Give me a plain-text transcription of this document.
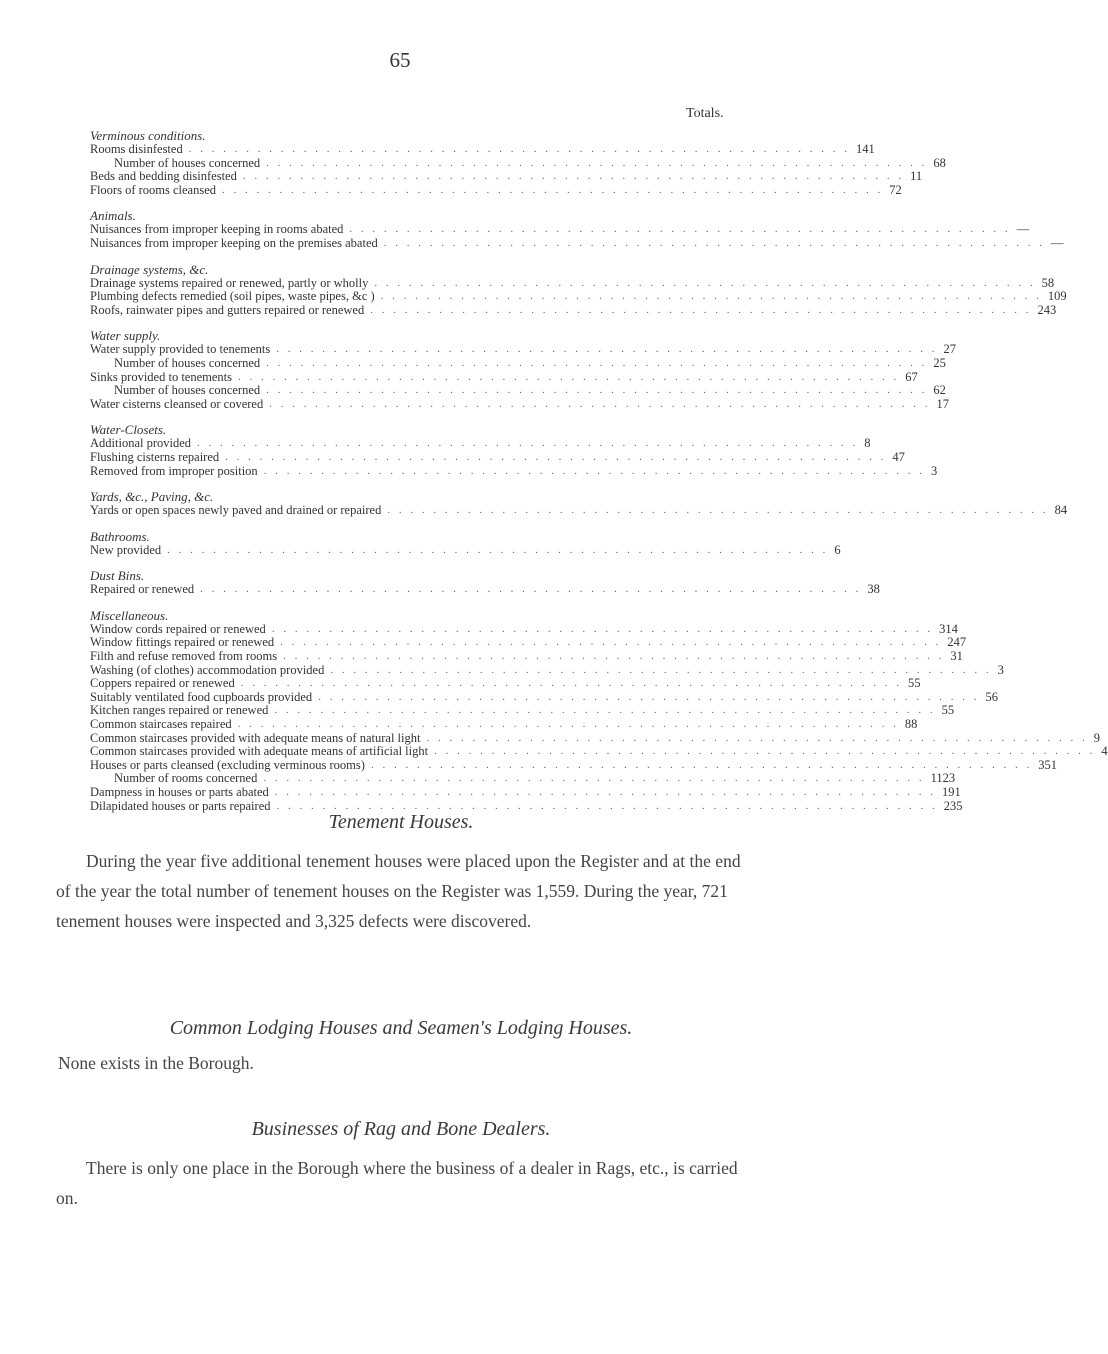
65
Totals.
Verminous conditions.
Rooms disinfested . . . . . . . . . . . . . . . . . . . . . . . . . . . . . . . . . . . . . . . . . . . . . . . . . . . . . . . . . . 141
Number of houses concerned . . . . . . . . . . . . . . . . . . . . . . . . . . . . . . . . . . . . . . . . . . . . . . . . . . . . . . . . . . 68
Beds and bedding disinfested . . . . . . . . . . . . . . . . . . . . . . . . . . . . . . . . . . . . . . . . . . . . . . . . . . . . . . . . . . 11
Floors of rooms cleansed . . . . . . . . . . . . . . . . . . . . . . . . . . . . . . . . . . . . . . . . . . . . . . . . . . . . . . . . . . 72
Animals.
Nuisances from improper keeping in rooms abated . . . . . . . . . . . . . . . . . . . . . . . . . . . . . . . . . . . . . . . . . . . . . . . . . . . . . . . . . . —
Nuisances from improper keeping on the premises abated . . . . . . . . . . . . . . . . . . . . . . . . . . . . . . . . . . . . . . . . . . . . . . . . . . . . . . . . . . —
Drainage systems, &c.
Drainage systems repaired or renewed, partly or wholly . . . . . . . . . . . . . . . . . . . . . . . . . . . . . . . . . . . . . . . . . . . . . . . . . . . . . . . . . . 58
Plumbing defects remedied (soil pipes, waste pipes, &c ) . . . . . . . . . . . . . . . . . . . . . . . . . . . . . . . . . . . . . . . . . . . . . . . . . . . . . . . . . . 109
Roofs, rainwater pipes and gutters repaired or renewed . . . . . . . . . . . . . . . . . . . . . . . . . . . . . . . . . . . . . . . . . . . . . . . . . . . . . . . . . . 243
Water supply.
Water supply provided to tenements . . . . . . . . . . . . . . . . . . . . . . . . . . . . . . . . . . . . . . . . . . . . . . . . . . . . . . . . . . 27
Number of houses concerned . . . . . . . . . . . . . . . . . . . . . . . . . . . . . . . . . . . . . . . . . . . . . . . . . . . . . . . . . . 25
Sinks provided to tenements . . . . . . . . . . . . . . . . . . . . . . . . . . . . . . . . . . . . . . . . . . . . . . . . . . . . . . . . . . 67
Number of houses concerned . . . . . . . . . . . . . . . . . . . . . . . . . . . . . . . . . . . . . . . . . . . . . . . . . . . . . . . . . . 62
Water cisterns cleansed or covered . . . . . . . . . . . . . . . . . . . . . . . . . . . . . . . . . . . . . . . . . . . . . . . . . . . . . . . . . . 17
Water-Closets.
Additional provided . . . . . . . . . . . . . . . . . . . . . . . . . . . . . . . . . . . . . . . . . . . . . . . . . . . . . . . . . . 8
Flushing cisterns repaired . . . . . . . . . . . . . . . . . . . . . . . . . . . . . . . . . . . . . . . . . . . . . . . . . . . . . . . . . . 47
Removed from improper position . . . . . . . . . . . . . . . . . . . . . . . . . . . . . . . . . . . . . . . . . . . . . . . . . . . . . . . . . . 3
Yards, &c., Paving, &c.
Yards or open spaces newly paved and drained or repaired . . . . . . . . . . . . . . . . . . . . . . . . . . . . . . . . . . . . . . . . . . . . . . . . . . . . . . . . . . 84
Bathrooms.
New provided . . . . . . . . . . . . . . . . . . . . . . . . . . . . . . . . . . . . . . . . . . . . . . . . . . . . . . . . . . 6
Dust Bins.
Repaired or renewed . . . . . . . . . . . . . . . . . . . . . . . . . . . . . . . . . . . . . . . . . . . . . . . . . . . . . . . . . . 38
Miscellaneous.
Window cords repaired or renewed . . . . . . . . . . . . . . . . . . . . . . . . . . . . . . . . . . . . . . . . . . . . . . . . . . . . . . . . . . 314
Window fittings repaired or renewed . . . . . . . . . . . . . . . . . . . . . . . . . . . . . . . . . . . . . . . . . . . . . . . . . . . . . . . . . . 247
Filth and refuse removed from rooms . . . . . . . . . . . . . . . . . . . . . . . . . . . . . . . . . . . . . . . . . . . . . . . . . . . . . . . . . . 31
Washing (of clothes) accommodation provided . . . . . . . . . . . . . . . . . . . . . . . . . . . . . . . . . . . . . . . . . . . . . . . . . . . . . . . . . . 3
Coppers repaired or renewed . . . . . . . . . . . . . . . . . . . . . . . . . . . . . . . . . . . . . . . . . . . . . . . . . . . . . . . . . . 55
Suitably ventilated food cupboards provided . . . . . . . . . . . . . . . . . . . . . . . . . . . . . . . . . . . . . . . . . . . . . . . . . . . . . . . . . . 56
Kitchen ranges repaired or renewed . . . . . . . . . . . . . . . . . . . . . . . . . . . . . . . . . . . . . . . . . . . . . . . . . . . . . . . . . . 55
Common staircases repaired . . . . . . . . . . . . . . . . . . . . . . . . . . . . . . . . . . . . . . . . . . . . . . . . . . . . . . . . . . 88
Common staircases provided with adequate means of natural light . . . . . . . . . . . . . . . . . . . . . . . . . . . . . . . . . . . . . . . . . . . . . . . . . . . . . . . . . . 9
Common staircases provided with adequate means of artificial light . . . . . . . . . . . . . . . . . . . . . . . . . . . . . . . . . . . . . . . . . . . . . . . . . . . . . . . . . . 4
Houses or parts cleansed (excluding verminous rooms) . . . . . . . . . . . . . . . . . . . . . . . . . . . . . . . . . . . . . . . . . . . . . . . . . . . . . . . . . . 351
Number of rooms concerned . . . . . . . . . . . . . . . . . . . . . . . . . . . . . . . . . . . . . . . . . . . . . . . . . . . . . . . . . . 1123
Dampness in houses or parts abated . . . . . . . . . . . . . . . . . . . . . . . . . . . . . . . . . . . . . . . . . . . . . . . . . . . . . . . . . . 191
Dilapidated houses or parts repaired . . . . . . . . . . . . . . . . . . . . . . . . . . . . . . . . . . . . . . . . . . . . . . . . . . . . . . . . . . 235
Tenement Houses.

During the year five additional tenement houses were placed upon the Register and at the end of the year the total number of tenement houses on the Register was 1,559. During the year, 721 tenement houses were inspected and 3,325 defects were discovered.

Common Lodging Houses and Seamen's Lodging Houses.

None exists in the Borough.

Businesses of Rag and Bone Dealers.

There is only one place in the Borough where the business of a dealer in Rags, etc., is carried on.
